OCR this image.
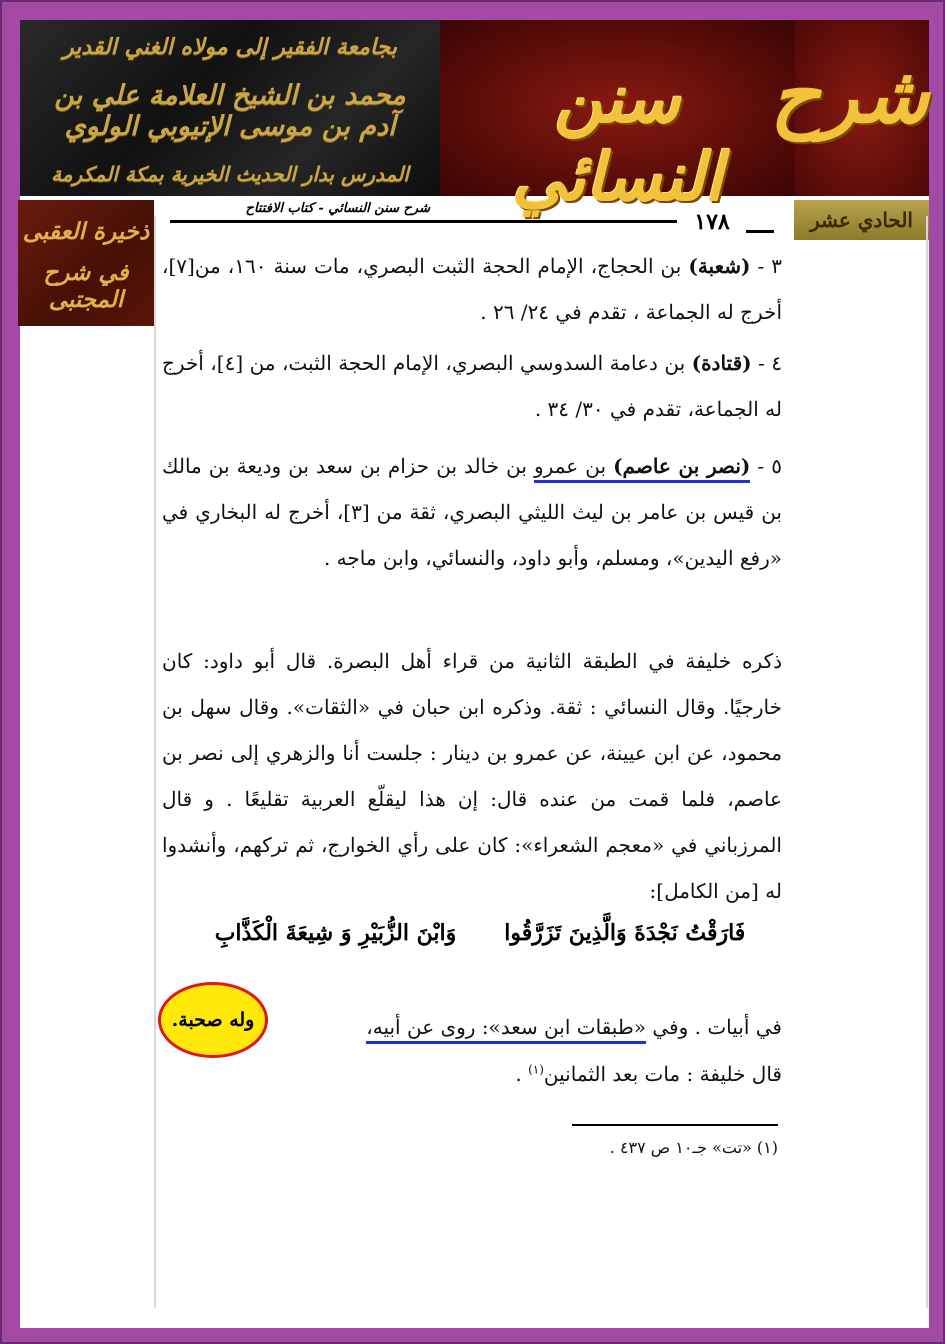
بجامعة الفقير إلى مولاه الغني القدير
محمد بن الشيخ العلامة علي بن آدم بن موسى الإتيوبي الولوي
المدرس بدار الحديث الخيرية بمكة المكرمة
سنن النسائي
شرح
ذخيرة العقبى
في شرح المجتبى
الحادي عشر
شرح سنن النسائي - كتاب الافتتاح
١٧٨
٣ - (شعبة) بن الحجاج، الإمام الحجة الثبت البصري، مات سنة ١٦٠، من[٧]، أخرج له الجماعة ، تقدم في ٢٤/ ٢٦ .
٤ - (قتادة) بن دعامة السدوسي البصري، الإمام الحجة الثبت، من [٤]، أخرج له الجماعة، تقدم في ٣٠/ ٣٤ .
٥ - (نصر بن عاصم) بن عمرو بن خالد بن حزام بن سعد بن وديعة بن مالك بن قيس بن عامر بن ليث الليثي البصري، ثقة من [٣]، أخرج له البخاري في «رفع اليدين»، ومسلم، وأبو داود، والنسائي، وابن ماجه .
ذكره خليفة في الطبقة الثانية من قراء أهل البصرة. قال أبو داود: كان خارجيًا. وقال النسائي : ثقة. وذكره ابن حبان في «الثقات». وقال سهل بن محمود، عن ابن عيينة، عن عمرو بن دينار : جلست أنا والزهري إلى نصر بن عاصم، فلما قمت من عنده قال: إن هذا ليقلّع العربية تقليعًا . و قال المرزباني في «معجم الشعراء»: كان على رأي الخوارج، ثم تركهم، وأنشدوا له [من الكامل]:
فَارَقْتُ نَجْدَةَ وَالَّذِينَ تَزَرَّقُواوَابْنَ الزُّبَيْرِ وَ شِيعَةَ الْكَذَّابِ
في أبيات . وفي «طبقات ابن سعد»: روى عن أبيه،
وله صحبة.
قال خليفة : مات بعد الثمانين$^{(١)}$ .
(١) «تت» جـ١٠ ص ٤٣٧ .
